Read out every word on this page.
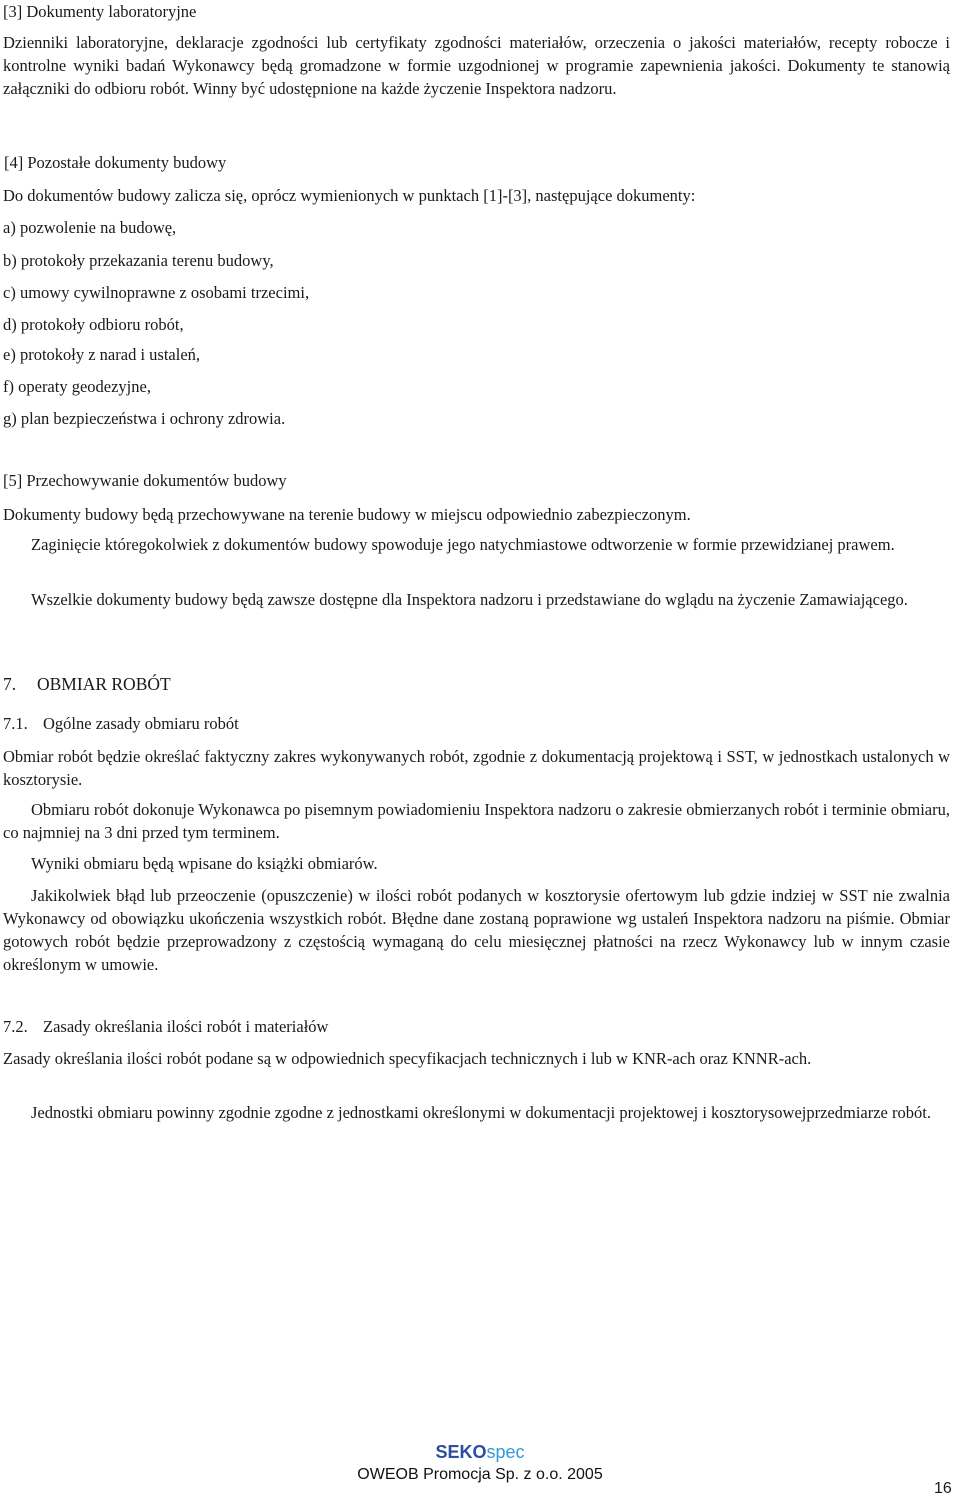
[3] Dokumenty laboratoryjne

Dzienniki laboratoryjne, deklaracje zgodności lub certyfikaty zgodności materiałów, orzeczenia o jakości materiałów, recepty robocze i kontrolne wyniki badań Wykonawcy będą gromadzone w formie uzgodnionej w programie zapewnienia jakości. Dokumenty te stanowią załączniki do odbioru robót. Winny być udostępnione na każde życzenie Inspektora nadzoru.

[4] Pozostałe dokumenty budowy

Do dokumentów budowy zalicza się, oprócz wymienionych w punktach [1]-[3], następujące dokumenty:

a) pozwolenie na budowę,

b) protokoły przekazania terenu budowy,

c) umowy cywilnoprawne z osobami trzecimi,

d) protokoły odbioru robót,

e) protokoły z narad i ustaleń,

f) operaty geodezyjne,

g) plan bezpieczeństwa i ochrony zdrowia.

[5] Przechowywanie dokumentów budowy

Dokumenty budowy będą przechowywane na terenie budowy w miejscu odpowiednio zabezpieczonym.

Zaginięcie któregokolwiek z dokumentów budowy spowoduje jego natychmiastowe odtworzenie w formie przewidzianej prawem.

Wszelkie dokumenty budowy będą zawsze dostępne dla Inspektora nadzoru i przedstawiane do wglądu na życzenie Zamawiającego.

7.	OBMIAR ROBÓT
7.1. Ogólne zasady obmiaru robót

Obmiar robót będzie określać faktyczny zakres wykonywanych robót, zgodnie z dokumentacją projektową i SST, w jednostkach ustalonych w kosztorysie.

Obmiaru robót dokonuje Wykonawca po pisemnym powiadomieniu Inspektora nadzoru o zakresie obmierzanych robót i terminie obmiaru, co najmniej na 3 dni przed tym terminem.

Wyniki obmiaru będą wpisane do książki obmiarów.

Jakikolwiek błąd lub przeoczenie (opuszczenie) w ilości robót podanych w kosztorysie ofertowym lub gdzie indziej w SST nie zwalnia Wykonawcy od obowiązku ukończenia wszystkich robót. Błędne dane zostaną poprawione wg ustaleń Inspektora nadzoru na piśmie. Obmiar gotowych robót będzie przeprowadzony z częstością wymaganą do celu miesięcznej płatności na rzecz Wykonawcy lub w innym czasie określonym w umowie.

7.2. Zasady określania ilości robót i materiałów

Zasady określania ilości robót podane są w odpowiednich specyfikacjach technicznych i lub w KNR-ach oraz KNNR-ach.

Jednostki obmiaru powinny zgodnie zgodne z jednostkami określonymi w dokumentacji projektowej i kosztorysowejprzedmiarze robót.

SEKOspec
OWEOB Promocja Sp. z o.o. 2005
16
